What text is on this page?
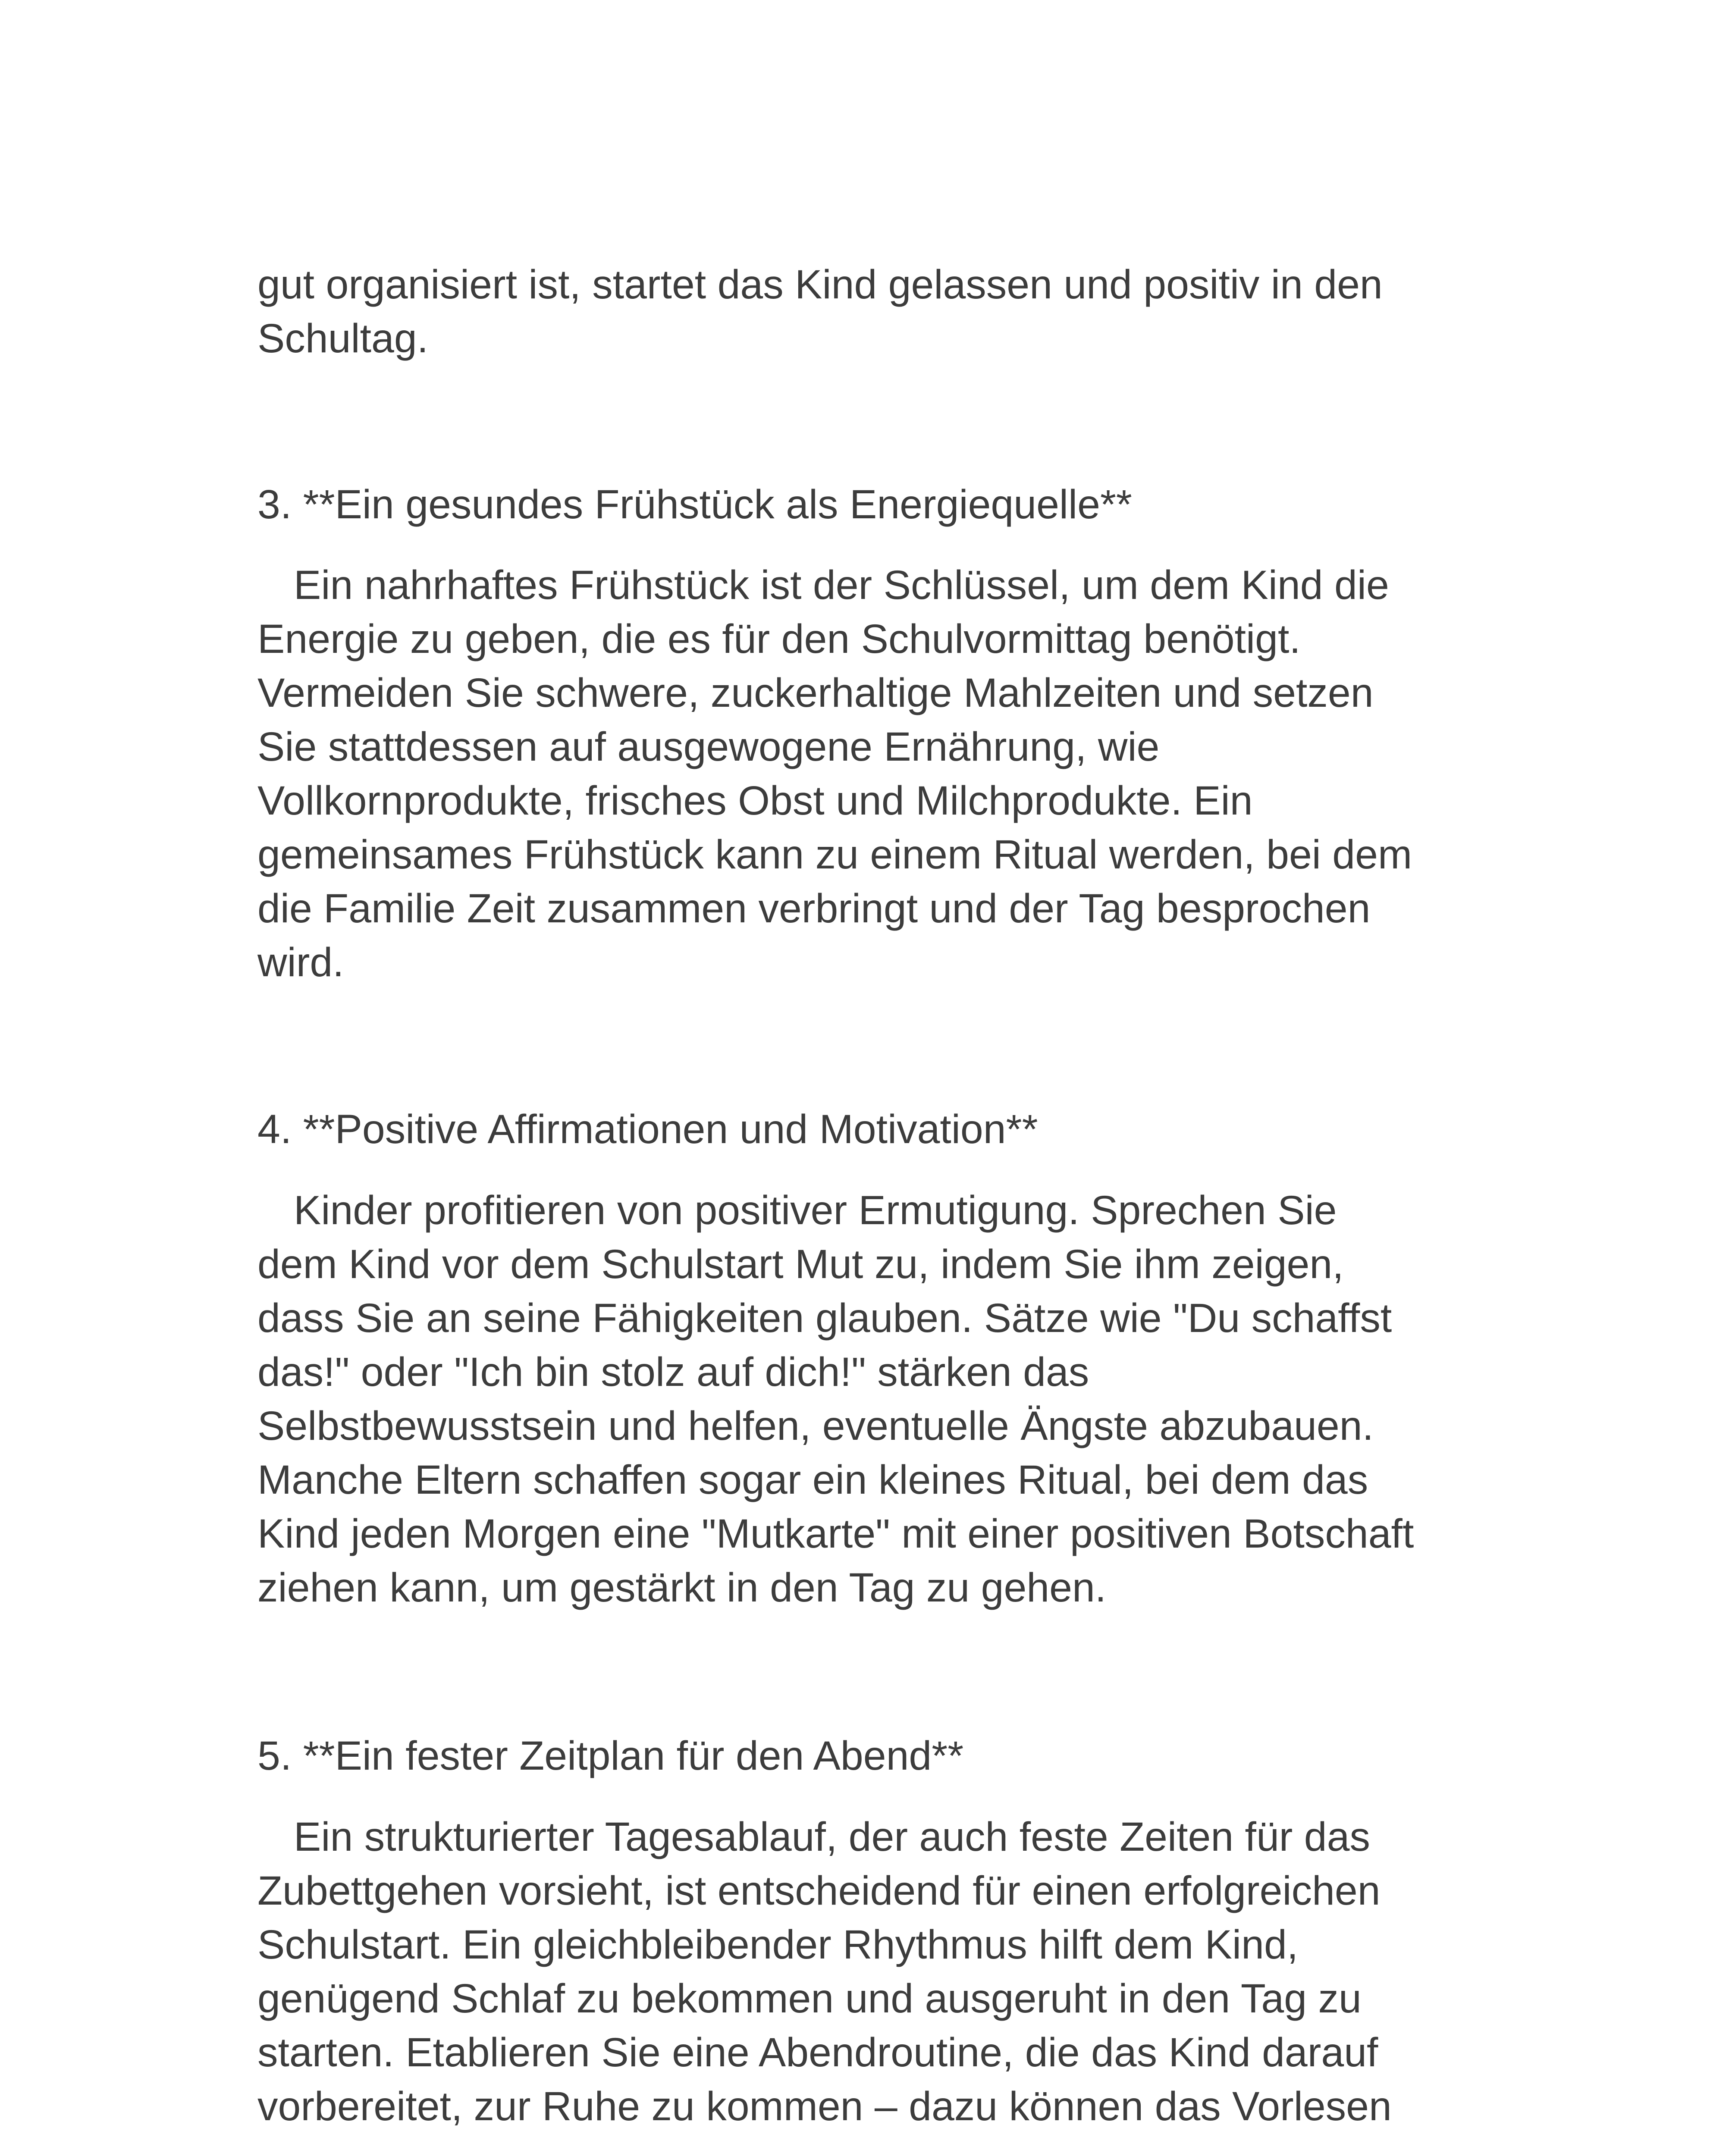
gut organisiert ist, startet das Kind gelassen und positiv in den
Schultag.

3. **Ein gesundes Frühstück als Energiequelle**

Ein nahrhaftes Frühstück ist der Schlüssel, um dem Kind die
Energie zu geben, die es für den Schulvormittag benötigt.
Vermeiden Sie schwere, zuckerhaltige Mahlzeiten und setzen
Sie stattdessen auf ausgewogene Ernährung, wie
Vollkornprodukte, frisches Obst und Milchprodukte. Ein
gemeinsames Frühstück kann zu einem Ritual werden, bei dem
die Familie Zeit zusammen verbringt und der Tag besprochen
wird.

4. **Positive Affirmationen und Motivation**

Kinder profitieren von positiver Ermutigung. Sprechen Sie
dem Kind vor dem Schulstart Mut zu, indem Sie ihm zeigen,
dass Sie an seine Fähigkeiten glauben. Sätze wie "Du schaffst
das!" oder "Ich bin stolz auf dich!" stärken das
Selbstbewusstsein und helfen, eventuelle Ängste abzubauen.
Manche Eltern schaffen sogar ein kleines Ritual, bei dem das
Kind jeden Morgen eine "Mutkarte" mit einer positiven Botschaft
ziehen kann, um gestärkt in den Tag zu gehen.

5. **Ein fester Zeitplan für den Abend**

Ein strukturierter Tagesablauf, der auch feste Zeiten für das
Zubettgehen vorsieht, ist entscheidend für einen erfolgreichen
Schulstart. Ein gleichbleibender Rhythmus hilft dem Kind,
genügend Schlaf zu bekommen und ausgeruht in den Tag zu
starten. Etablieren Sie eine Abendroutine, die das Kind darauf
vorbereitet, zur Ruhe zu kommen – dazu können das Vorlesen
